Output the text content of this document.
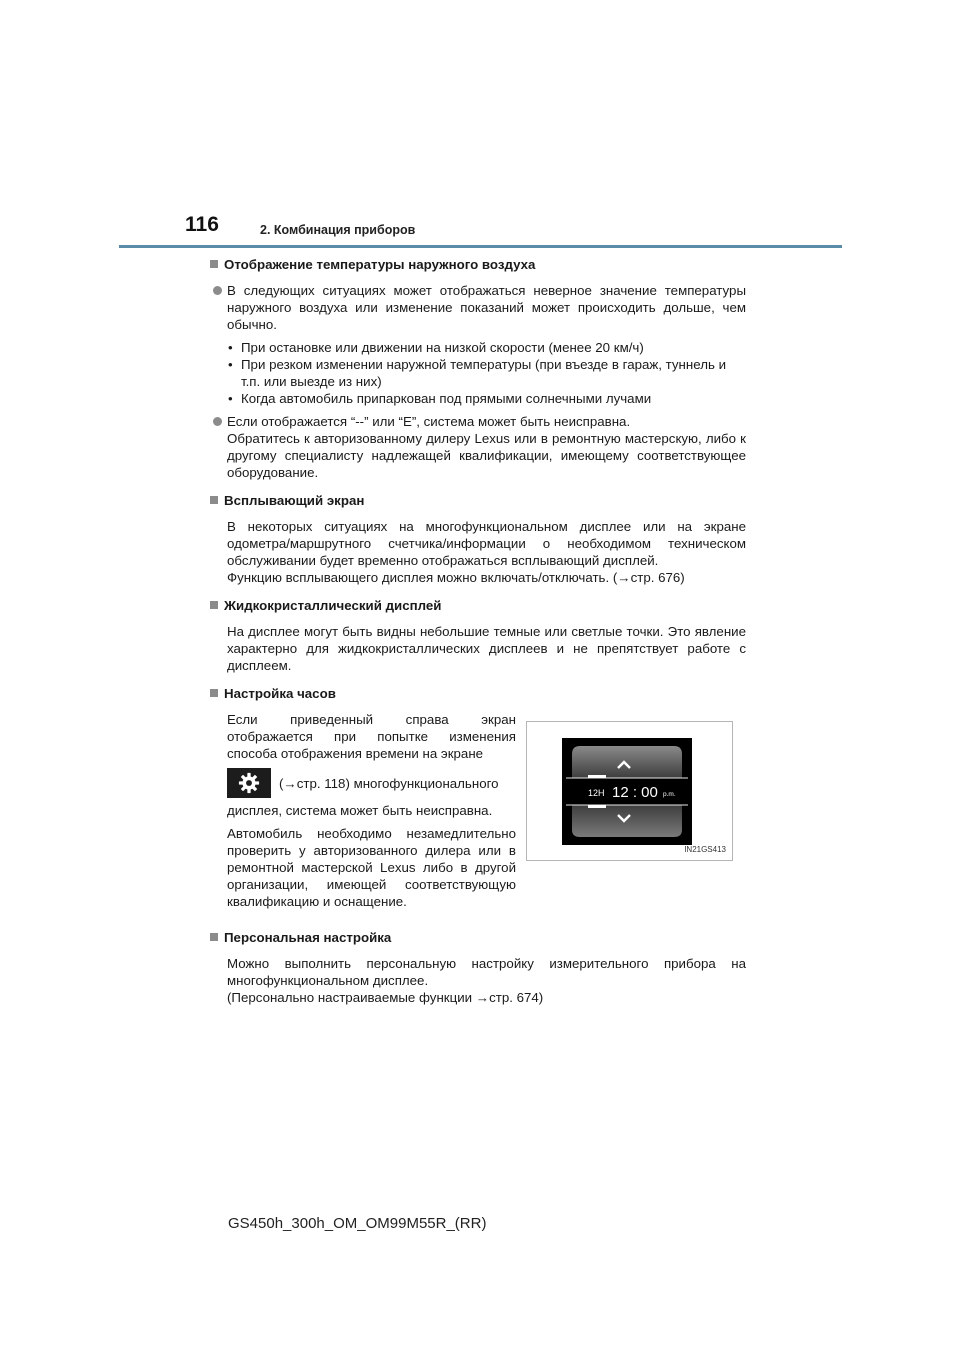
116	2. Комбинация приборов
Отображение температуры наружного воздуха
В следующих ситуациях может отображаться неверное значение температуры наружного воздуха или изменение показаний может происходить дольше, чем обычно.
• При остановке или движении на низкой скорости (менее 20 км/ч)
• При резком изменении наружной температуры (при въезде в гараж, туннель и т.п. или выезде из них)
• Когда автомобиль припаркован под прямыми солнечными лучами
Если отображается “--” или “E”, система может быть неисправна.
Обратитесь к авторизованному дилеру Lexus или в ремонтную мастерскую, либо к другому специалисту надлежащей квалификации, имеющему соответствующее оборудование.
Всплывающий экран

В некоторых ситуациях на многофункциональном дисплее или на экране одометра/маршрутного счетчика/информации о необходимом техническом обслуживании будет временно отображаться всплывающий дисплей.

Функцию всплывающего дисплея можно включать/отключать. (→стр. 676)

Жидкокристаллический дисплей

На дисплее могут быть видны небольшие темные или светлые точки. Это явление характерно для жидкокристаллических дисплеев и не препятствует работе с дисплеем.

Настройка часов

Если приведенный справа экран отображается при попытке изменения способа отображения времени на экране

(→стр. 118) многофункционального

дисплея, система может быть неисправна.

Автомобиль необходимо незамедлительно проверить у авторизованного дилера или в ремонтной мастерской Lexus либо в другой организации, имеющей соответствующую квалификацию и оснащение.

12H 12 : 00 p.m.
IN21GS413
Персональная настройка

Можно выполнить персональную настройку измерительного прибора на многофункциональном дисплее.

(Персонально настраиваемые функции →стр. 674)

GS450h_300h_OM_OM99M55R_(RR)
